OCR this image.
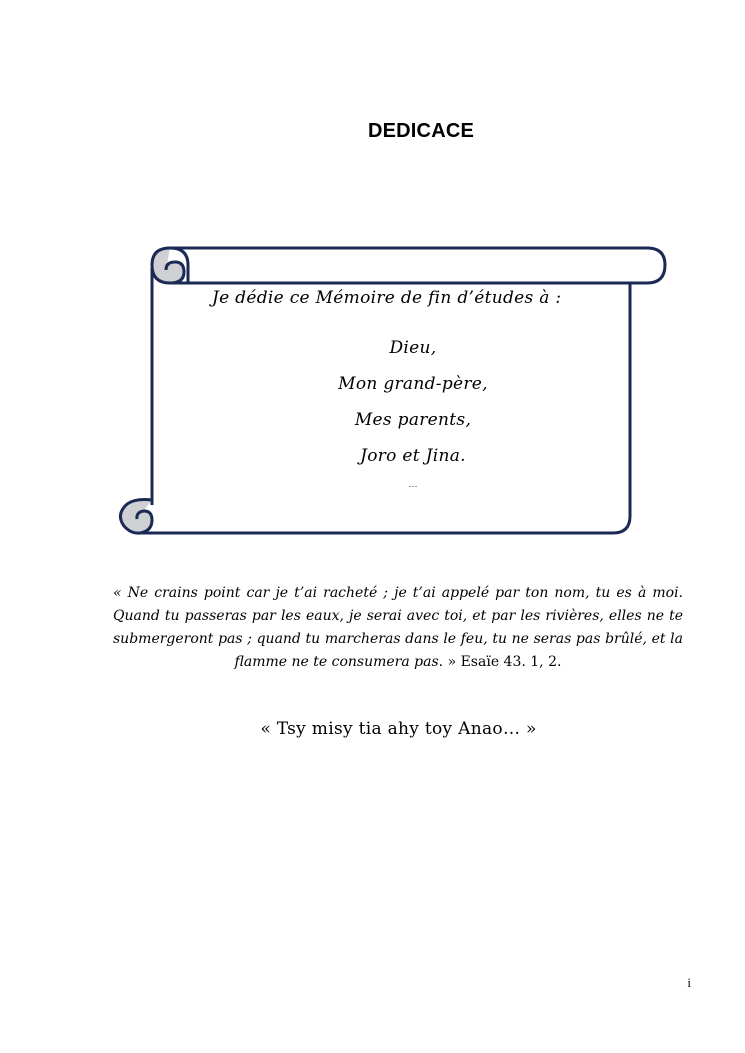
DEDICACE
Je dédie ce Mémoire de fin d’études à :
Dieu,
Mon grand-père,
Mes parents,
Joro et Jina.
…
« Ne crains point car je t’ai racheté ; je t’ai appelé par ton nom, tu es à moi. Quand tu passeras par les eaux, je serai avec toi, et par les rivières, elles ne te submergeront pas ; quand tu marcheras dans le feu, tu ne seras pas brûlé, et la flamme ne te consumera pas. » Esaïe 43. 1, 2.
« Tsy misy tia ahy toy Anao… »
i
